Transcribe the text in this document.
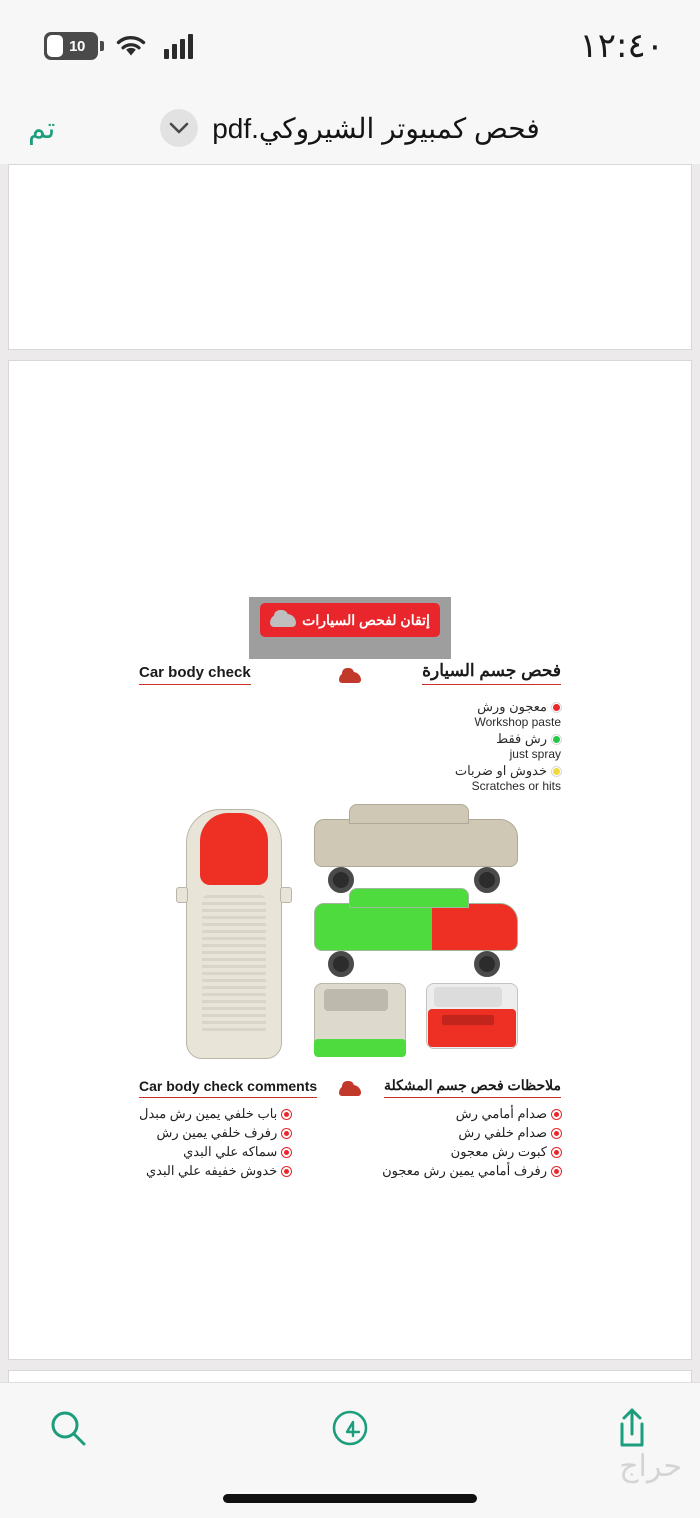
10	١٢:٤٠
تم	فحص كمبيوتر الشيروكي.pdf
إتقان لفحص السيارات
Car body check	فحص جسم السيارة
معجون ورش
Workshop paste
رش فقط
just spray
خدوش او ضربات
Scratches or hits
Car body check comments	ملاحظات فحص جسم المشكلة
باب خلفي يمين رش مبدل
رفرف خلفي يمين رش
سماكه علي البدي
خدوش خفيفه علي البدي
صدام أمامي رش
صدام خلفي رش
كبوت رش معجون
رفرف أمامي يمين رش معجون
حراج
